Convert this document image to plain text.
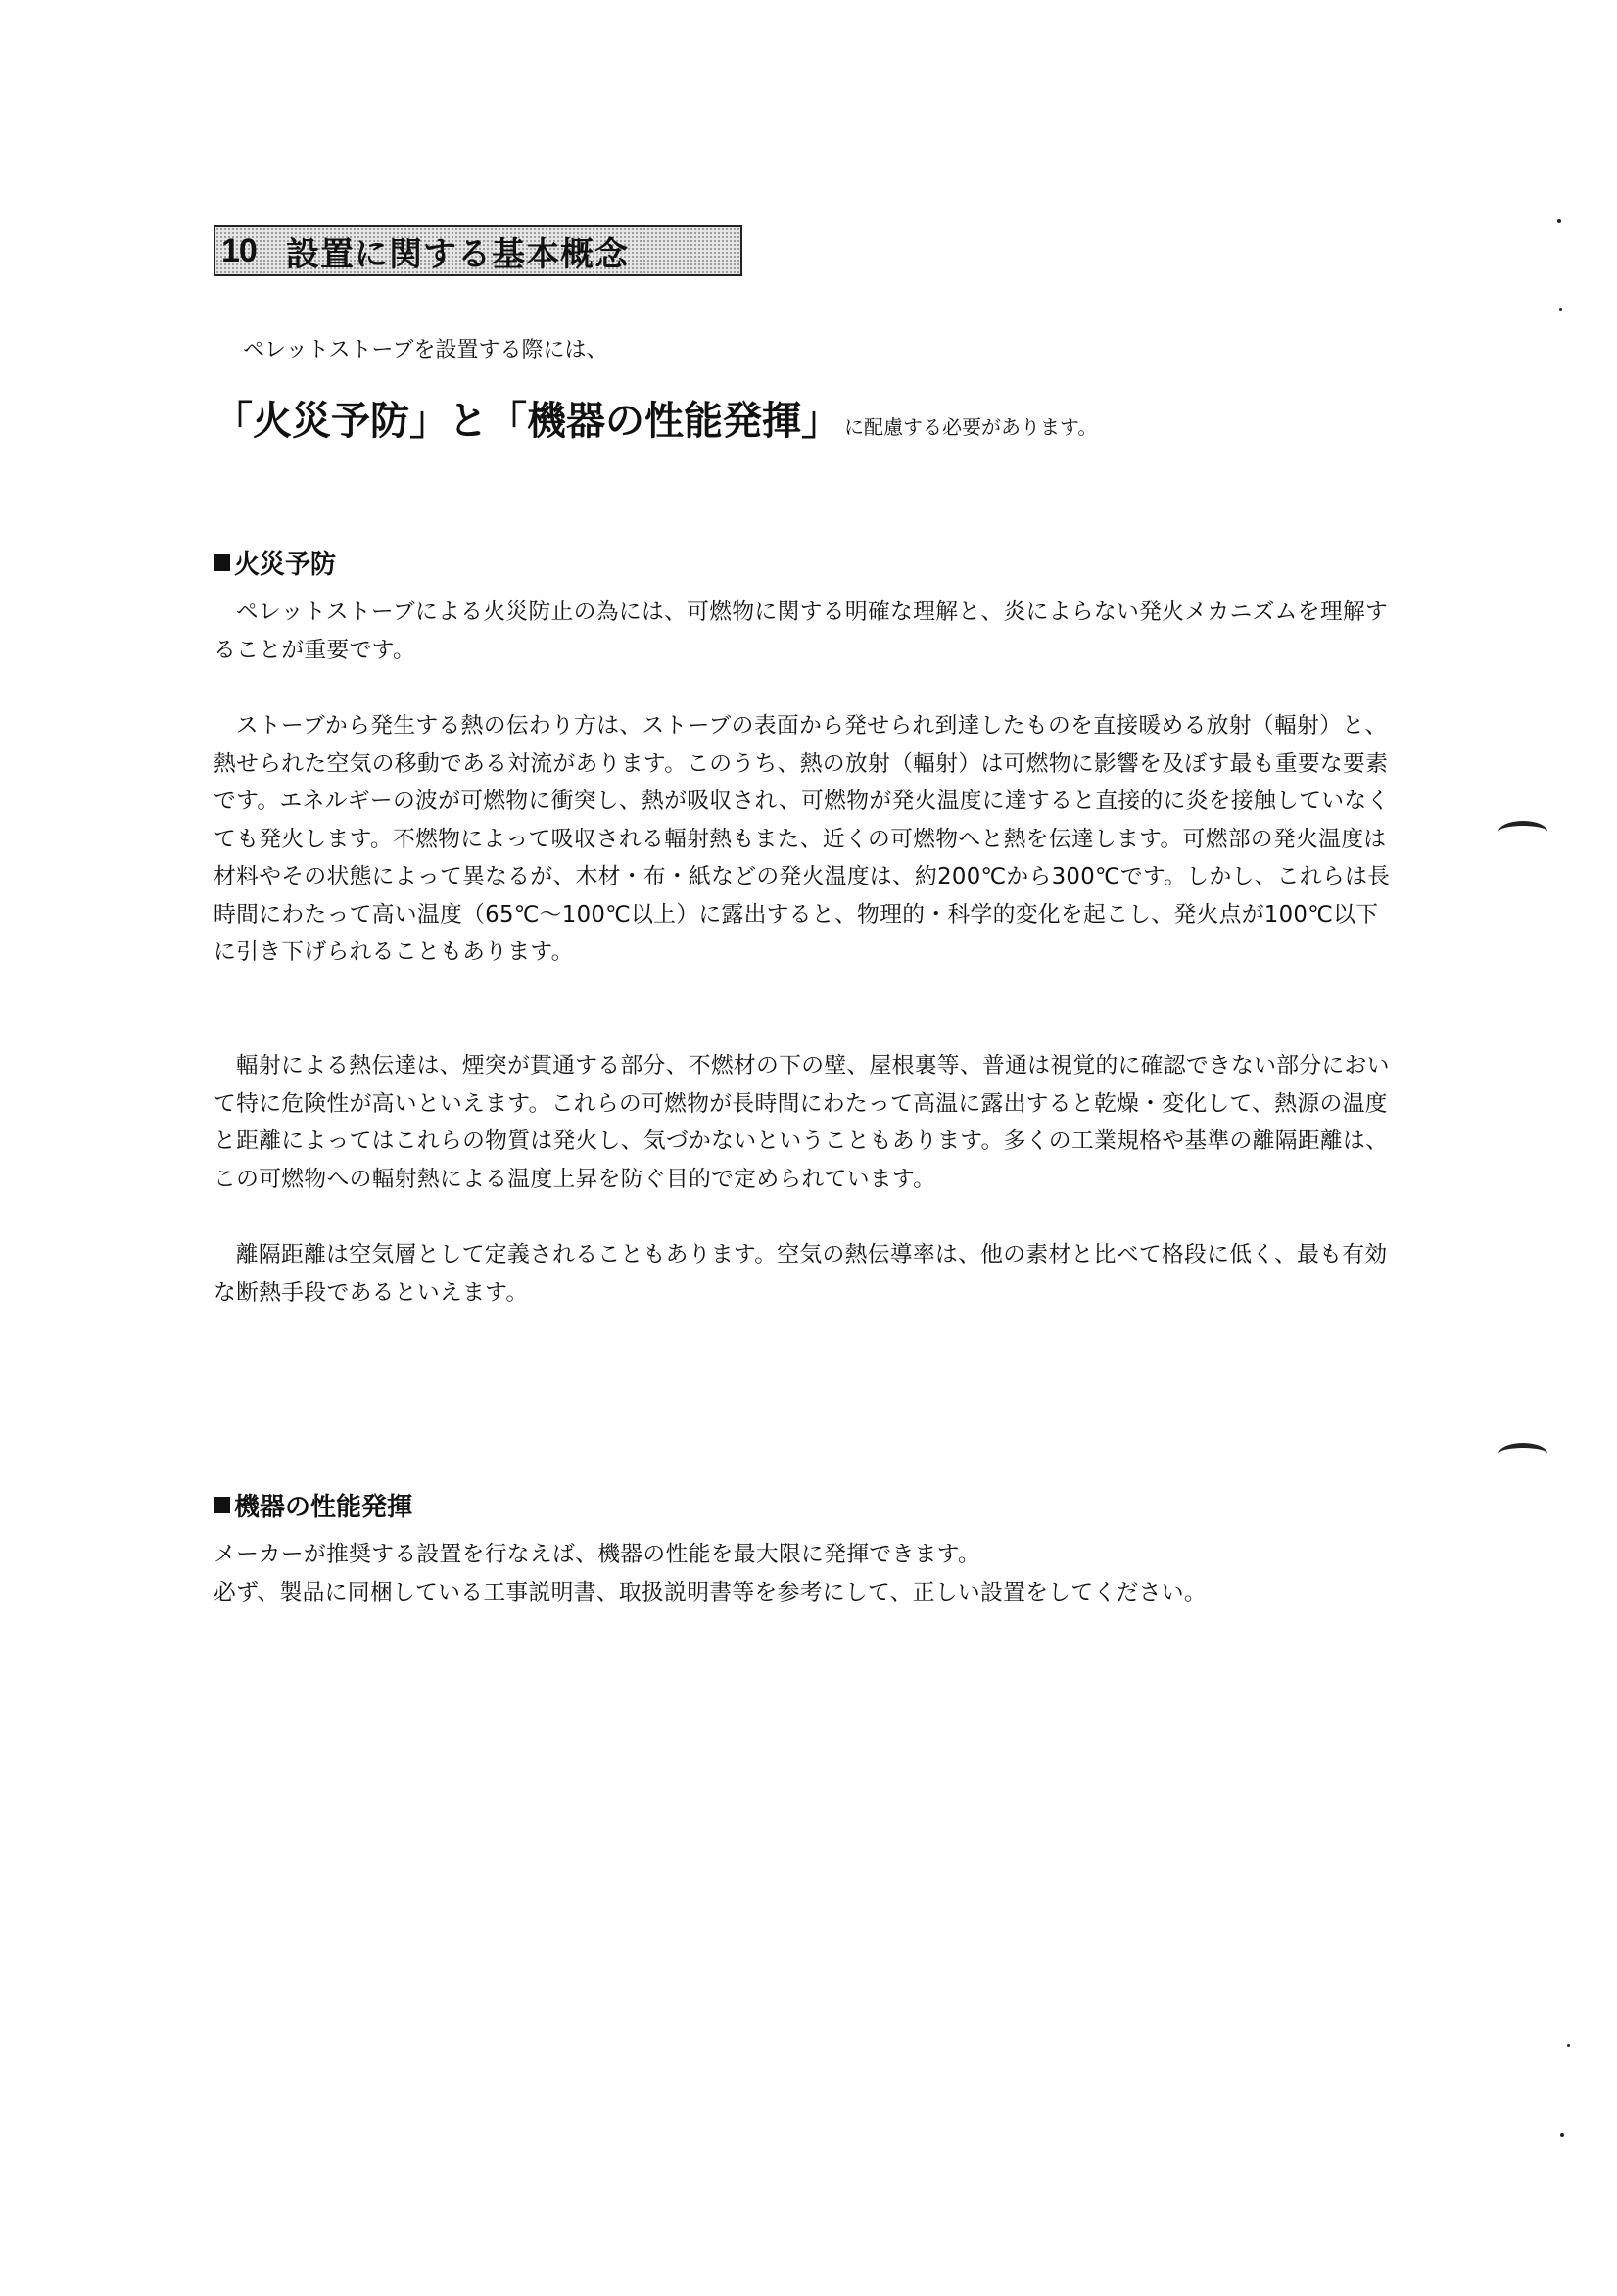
10 設置に関する基本概念
ペレットストーブを設置する際には、
「火災予防」と「機器の性能発揮」 に配慮する必要があります。
火災予防

ペレットストーブによる火災防止の為には、可燃物に関する明確な理解と、炎によらない発火メカニズムを理解することが重要です。

ストーブから発生する熱の伝わり方は、ストーブの表面から発せられ到達したものを直接暖める放射（輻射）と、熱せられた空気の移動である対流があります。このうち、熱の放射（輻射）は可燃物に影響を及ぼす最も重要な要素です。エネルギーの波が可燃物に衝突し、熱が吸収され、可燃物が発火温度に達すると直接的に炎を接触していなくても発火します。不燃物によって吸収される輻射熱もまた、近くの可燃物へと熱を伝達します。可燃部の発火温度は材料やその状態によって異なるが、木材・布・紙などの発火温度は、約200℃から300℃です。しかし、これらは長時間にわたって高い温度（65℃～100℃以上）に露出すると、物理的・科学的変化を起こし、発火点が100℃以下に引き下げられることもあります。

輻射による熱伝達は、煙突が貫通する部分、不燃材の下の壁、屋根裏等、普通は視覚的に確認できない部分において特に危険性が高いといえます。これらの可燃物が長時間にわたって高温に露出すると乾燥・変化して、熱源の温度と距離によってはこれらの物質は発火し、気づかないということもあります。多くの工業規格や基準の離隔距離は、この可燃物への輻射熱による温度上昇を防ぐ目的で定められています。

離隔距離は空気層として定義されることもあります。空気の熱伝導率は、他の素材と比べて格段に低く、最も有効な断熱手段であるといえます。

機器の性能発揮

メーカーが推奨する設置を行なえば、機器の性能を最大限に発揮できます。

必ず、製品に同梱している工事説明書、取扱説明書等を参考にして、正しい設置をしてください。
